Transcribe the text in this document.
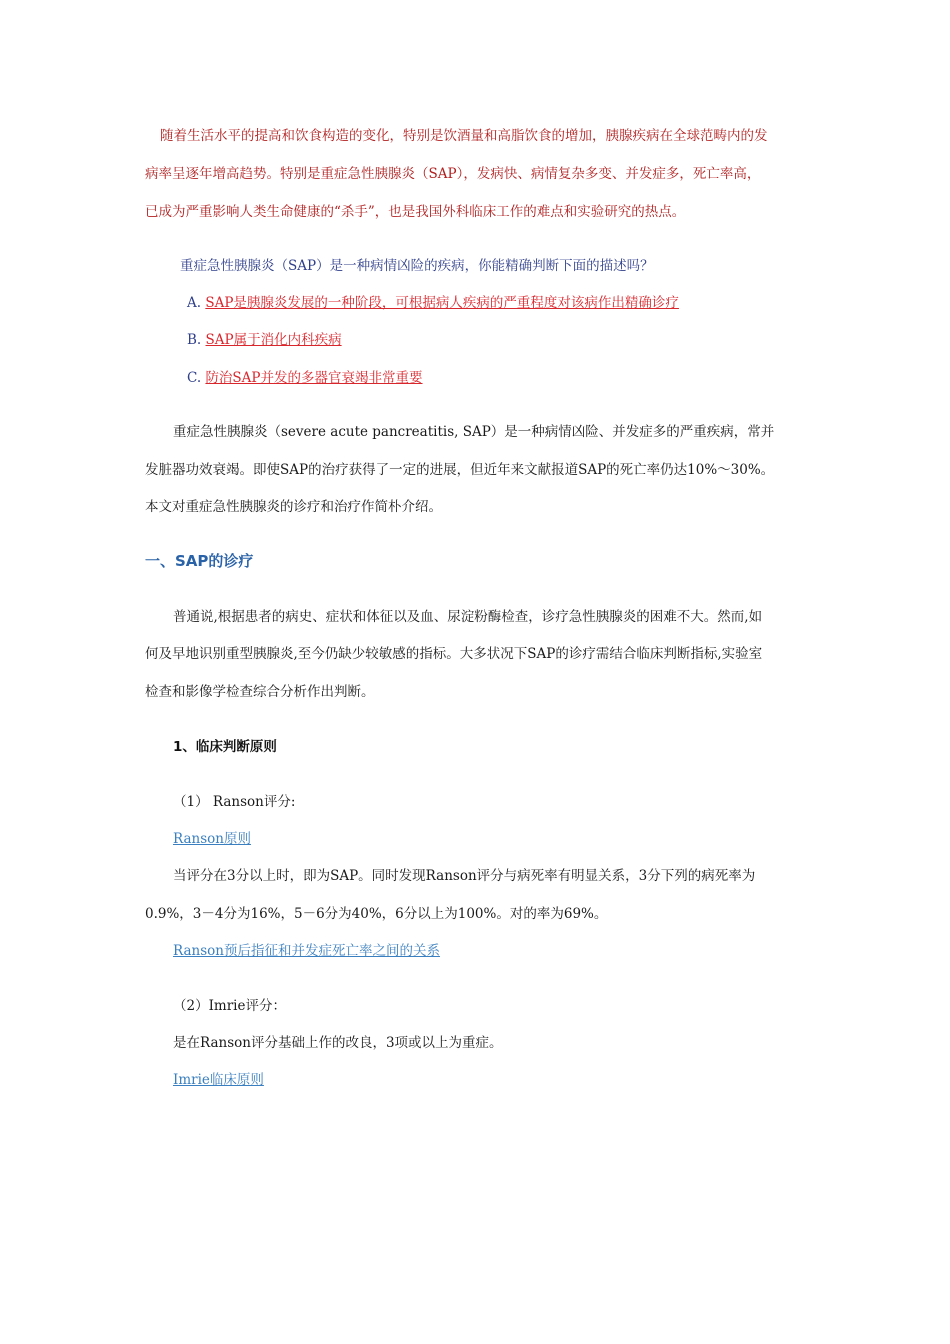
随着生活水平的提高和饮食构造的变化，特别是饮酒量和高脂饮食的增加，胰腺疾病在全球范畴内的发
病率呈逐年增高趋势。特别是重症急性胰腺炎（SAP），发病快、病情复杂多变、并发症多，死亡率高，
已成为严重影响人类生命健康的“杀手”，也是我国外科临床工作的难点和实验研究的热点。
重症急性胰腺炎（SAP）是一种病情凶险的疾病，你能精确判断下面的描述吗？
A. SAP是胰腺炎发展的一种阶段，可根据病人疾病的严重程度对该病作出精确诊疗
B. SAP属于消化内科疾病
C. 防治SAP并发的多器官衰竭非常重要
重症急性胰腺炎（severe acute pancreatitis, SAP）是一种病情凶险、并发症多的严重疾病，常并
发脏器功效衰竭。即使SAP的治疗获得了一定的进展，但近年来文献报道SAP的死亡率仍达10%～30%。
本文对重症急性胰腺炎的诊疗和治疗作简朴介绍。
一、SAP的诊疗
普通说,根据患者的病史、症状和体征以及血、尿淀粉酶检查，诊疗急性胰腺炎的困难不大。然而,如
何及早地识别重型胰腺炎,至今仍缺少较敏感的指标。大多状况下SAP的诊疗需结合临床判断指标,实验室
检查和影像学检查综合分析作出判断。
1、临床判断原则
（1） Ranson评分:
Ranson原则
当评分在3分以上时，即为SAP。同时发现Ranson评分与病死率有明显关系，3分下列的病死率为
0.9%，3－4分为16%，5－6分为40%，6分以上为100%。对的率为69%。
Ranson预后指征和并发症死亡率之间的关系
（2）Imrie评分：
是在Ranson评分基础上作的改良，3项或以上为重症。
Imrie临床原则
